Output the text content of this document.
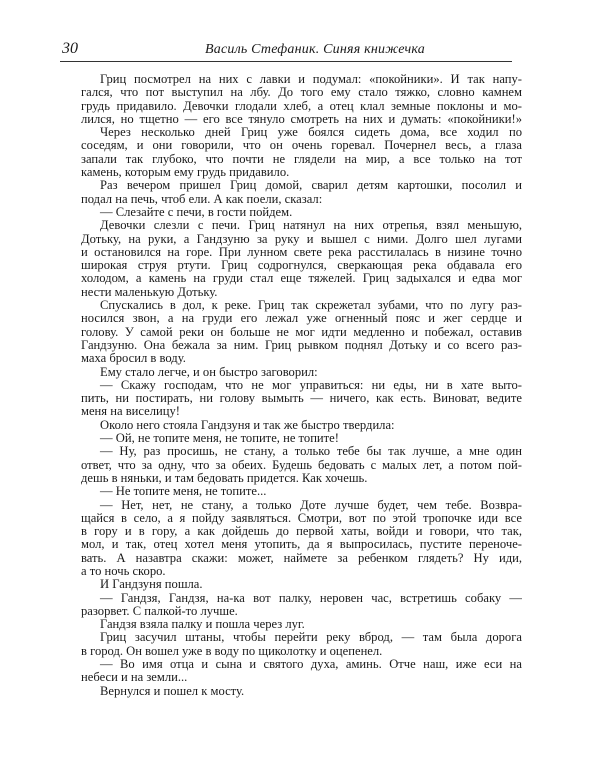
30	Василь Стефаник. Синяя книжечка
Гриц посмотрел на них с лавки и подумал: «покойники». И так напу-
гался, что пот выступил на лбу. До того ему стало тяжко, словно камнем
грудь придавило. Девочки глодали хлеб, а отец клал земные поклоны и мо-
лился, но тщетно — его все тянуло смотреть на них и думать: «покойники!»
Через несколько дней Гриц уже боялся сидеть дома, все ходил по
соседям, и они говорили, что он очень горевал. Почернел весь, а глаза
запали так глубоко, что почти не глядели на мир, а все только на тот
камень, которым ему грудь придавило.
Раз вечером пришел Гриц домой, сварил детям картошки, посолил и
подал на печь, чтоб ели. А как поели, сказал:
— Слезайте с печи, в гости пойдем.
Девочки слезли с печи. Гриц натянул на них отрепья, взял меньшую,
Дотьку, на руки, а Гандзуню за руку и вышел с ними. Долго шел лугами
и остановился на горе. При лунном свете река расстилалась в низине точно
широкая струя ртути. Гриц содрогнулся, сверкающая река обдавала его
холодом, а камень на груди стал еще тяжелей. Гриц задыхался и едва мог
нести маленькую Дотьку.
Спускались в дол, к реке. Гриц так скрежетал зубами, что по лугу раз-
носился звон, а на груди его лежал уже огненный пояс и жег сердце и
голову. У самой реки он больше не мог идти медленно и побежал, оставив
Гандзуню. Она бежала за ним. Гриц рывком поднял Дотьку и со всего раз-
маха бросил в воду.
Ему стало легче, и он быстро заговорил:
— Скажу господам, что не мог управиться: ни еды, ни в хате выто-
пить, ни постирать, ни голову вымыть — ничего, как есть. Виноват, ведите
меня на виселицу!
Около него стояла Гандзуня и так же быстро твердила:
— Ой, не топите меня, не топите, не топите!
— Ну, раз просишь, не стану, а только тебе бы так лучше, а мне один
ответ, что за одну, что за обеих. Будешь бедовать с малых лет, а потом пой-
дешь в няньки, и там бедовать придется. Как хочешь.
— Не топите меня, не топите...
— Нет, нет, не стану, а только Доте лучше будет, чем тебе. Возвра-
щайся в село, а я пойду заявляться. Смотри, вот по этой тропочке иди все
в гору и в гору, а как дойдешь до первой хаты, войди и говори, что так,
мол, и так, отец хотел меня утопить, да я выпросилась, пустите переноче-
вать. А назавтра скажи: может, наймете за ребенком глядеть? Ну иди,
а то ночь скоро.
И Гандзуня пошла.
— Гандзя, Гандзя, на-ка вот палку, неровен час, встретишь собаку —
разорвет. С палкой-то лучше.
Гандзя взяла палку и пошла через луг.
Гриц засучил штаны, чтобы перейти реку вброд, — там была дорога
в город. Он вошел уже в воду по щиколотку и оцепенел.
— Во имя отца и сына и святого духа, аминь. Отче наш, иже еси на
небеси и на земли...
Вернулся и пошел к мосту.
